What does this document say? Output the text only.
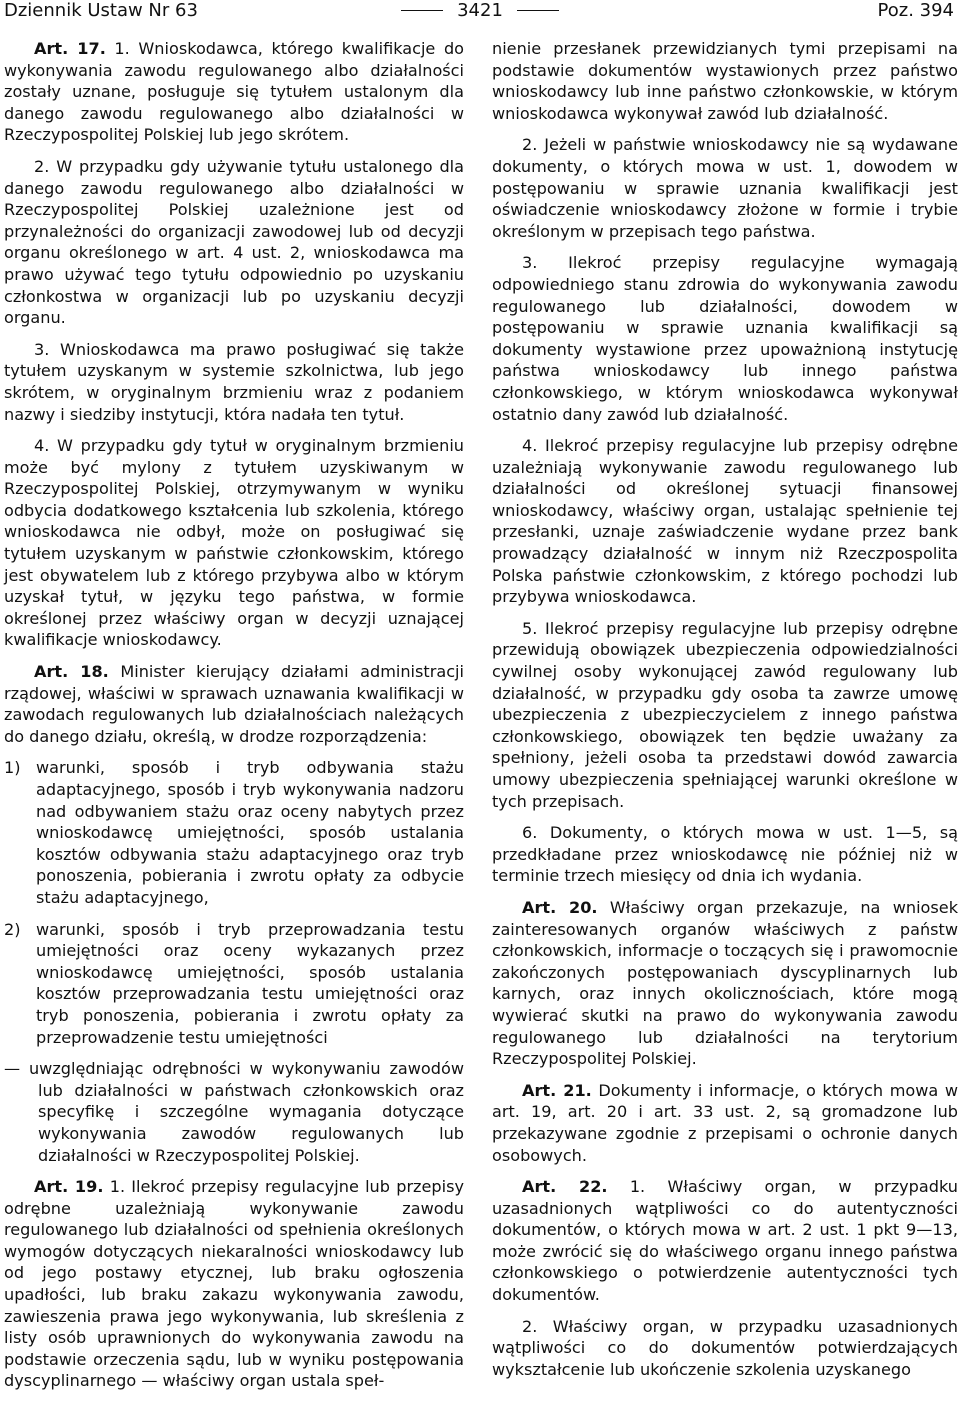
Dziennik Ustaw Nr 63	3421	Poz. 394

Art. 17. 1. Wnioskodawca, którego kwalifikacje do wykonywania zawodu regulowanego albo działalności zostały uznane, posługuje się tytułem ustalonym dla danego zawodu regulowanego albo działalności w Rzeczypospolitej Polskiej lub jego skrótem.

2. W przypadku gdy używanie tytułu ustalonego dla danego zawodu regulowanego albo działalności w Rzeczypospolitej Polskiej uzależnione jest od przynależności do organizacji zawodowej lub od decyzji organu określonego w art. 4 ust. 2, wnioskodawca ma prawo używać tego tytułu odpowiednio po uzyskaniu członkostwa w organizacji lub po uzyskaniu decyzji organu.

3. Wnioskodawca ma prawo posługiwać się także tytułem uzyskanym w systemie szkolnictwa, lub jego skrótem, w oryginalnym brzmieniu wraz z podaniem nazwy i siedziby instytucji, która nadała ten tytuł.

4. W przypadku gdy tytuł w oryginalnym brzmieniu może być mylony z tytułem uzyskiwanym w Rzeczypospolitej Polskiej, otrzymywanym w wyniku odbycia dodatkowego kształcenia lub szkolenia, którego wnioskodawca nie odbył, może on posługiwać się tytułem uzyskanym w państwie członkowskim, którego jest obywatelem lub z którego przybywa albo w którym uzyskał tytuł, w języku tego państwa, w formie określonej przez właściwy organ w decyzji uznającej kwalifikacje wnioskodawcy.

Art. 18. Minister kierujący działami administracji rządowej, właściwi w sprawach uznawania kwalifikacji w zawodach regulowanych lub działalnościach należących do danego działu, określą, w drodze rozporządzenia:

1) warunki, sposób i tryb odbywania stażu adaptacyjnego, sposób i tryb wykonywania nadzoru nad odbywaniem stażu oraz oceny nabytych przez wnioskodawcę umiejętności, sposób ustalania kosztów odbywania stażu adaptacyjnego oraz tryb ponoszenia, pobierania i zwrotu opłaty za odbycie stażu adaptacyjnego,
2) warunki, sposób i tryb przeprowadzania testu umiejętności oraz oceny wykazanych przez wnioskodawcę umiejętności, sposób ustalania kosztów przeprowadzania testu umiejętności oraz tryb ponoszenia, pobierania i zwrotu opłaty za przeprowadzenie testu umiejętności

— uwzględniając odrębności w wykonywaniu zawodów lub działalności w państwach członkowskich oraz specyfikę i szczególne wymagania dotyczące wykonywania zawodów regulowanych lub działalności w Rzeczypospolitej Polskiej.

Art. 19. 1. Ilekroć przepisy regulacyjne lub przepisy odrębne uzależniają wykonywanie zawodu regulowanego lub działalności od spełnienia określonych wymogów dotyczących niekaralności wnioskodawcy lub od jego postawy etycznej, lub braku ogłoszenia upadłości, lub braku zakazu wykonywania zawodu, zawieszenia prawa jego wykonywania, lub skreślenia z listy osób uprawnionych do wykonywania zawodu na podstawie orzeczenia sądu, lub w wyniku postępowania dyscyplinarnego — właściwy organ ustala speł-

nienie przesłanek przewidzianych tymi przepisami na podstawie dokumentów wystawionych przez państwo wnioskodawcy lub inne państwo członkowskie, w którym wnioskodawca wykonywał zawód lub działalność.

2. Jeżeli w państwie wnioskodawcy nie są wydawane dokumenty, o których mowa w ust. 1, dowodem w postępowaniu w sprawie uznania kwalifikacji jest oświadczenie wnioskodawcy złożone w formie i trybie określonym w przepisach tego państwa.

3. Ilekroć przepisy regulacyjne wymagają odpowiedniego stanu zdrowia do wykonywania zawodu regulowanego lub działalności, dowodem w postępowaniu w sprawie uznania kwalifikacji są dokumenty wystawione przez upoważnioną instytucję państwa wnioskodawcy lub innego państwa członkowskiego, w którym wnioskodawca wykonywał ostatnio dany zawód lub działalność.

4. Ilekroć przepisy regulacyjne lub przepisy odrębne uzależniają wykonywanie zawodu regulowanego lub działalności od określonej sytuacji finansowej wnioskodawcy, właściwy organ, ustalając spełnienie tej przesłanki, uznaje zaświadczenie wydane przez bank prowadzący działalność w innym niż Rzeczpospolita Polska państwie członkowskim, z którego pochodzi lub przybywa wnioskodawca.

5. Ilekroć przepisy regulacyjne lub przepisy odrębne przewidują obowiązek ubezpieczenia odpowiedzialności cywilnej osoby wykonującej zawód regulowany lub działalność, w przypadku gdy osoba ta zawrze umowę ubezpieczenia z ubezpieczycielem z innego państwa członkowskiego, obowiązek ten będzie uważany za spełniony, jeżeli osoba ta przedstawi dowód zawarcia umowy ubezpieczenia spełniającej warunki określone w tych przepisach.

6. Dokumenty, o których mowa w ust. 1—5, są przedkładane przez wnioskodawcę nie później niż w terminie trzech miesięcy od dnia ich wydania.

Art. 20. Właściwy organ przekazuje, na wniosek zainteresowanych organów właściwych z państw członkowskich, informacje o toczących się i prawomocnie zakończonych postępowaniach dyscyplinarnych lub karnych, oraz innych okolicznościach, które mogą wywierać skutki na prawo do wykonywania zawodu regulowanego lub działalności na terytorium Rzeczypospolitej Polskiej.

Art. 21. Dokumenty i informacje, o których mowa w art. 19, art. 20 i art. 33 ust. 2, są gromadzone lub przekazywane zgodnie z przepisami o ochronie danych osobowych.

Art. 22. 1. Właściwy organ, w przypadku uzasadnionych wątpliwości co do autentyczności dokumentów, o których mowa w art. 2 ust. 1 pkt 9—13, może zwrócić się do właściwego organu innego państwa członkowskiego o potwierdzenie autentyczności tych dokumentów.

2. Właściwy organ, w przypadku uzasadnionych wątpliwości co do dokumentów potwierdzających wykształcenie lub ukończenie szkolenia uzyskanego
